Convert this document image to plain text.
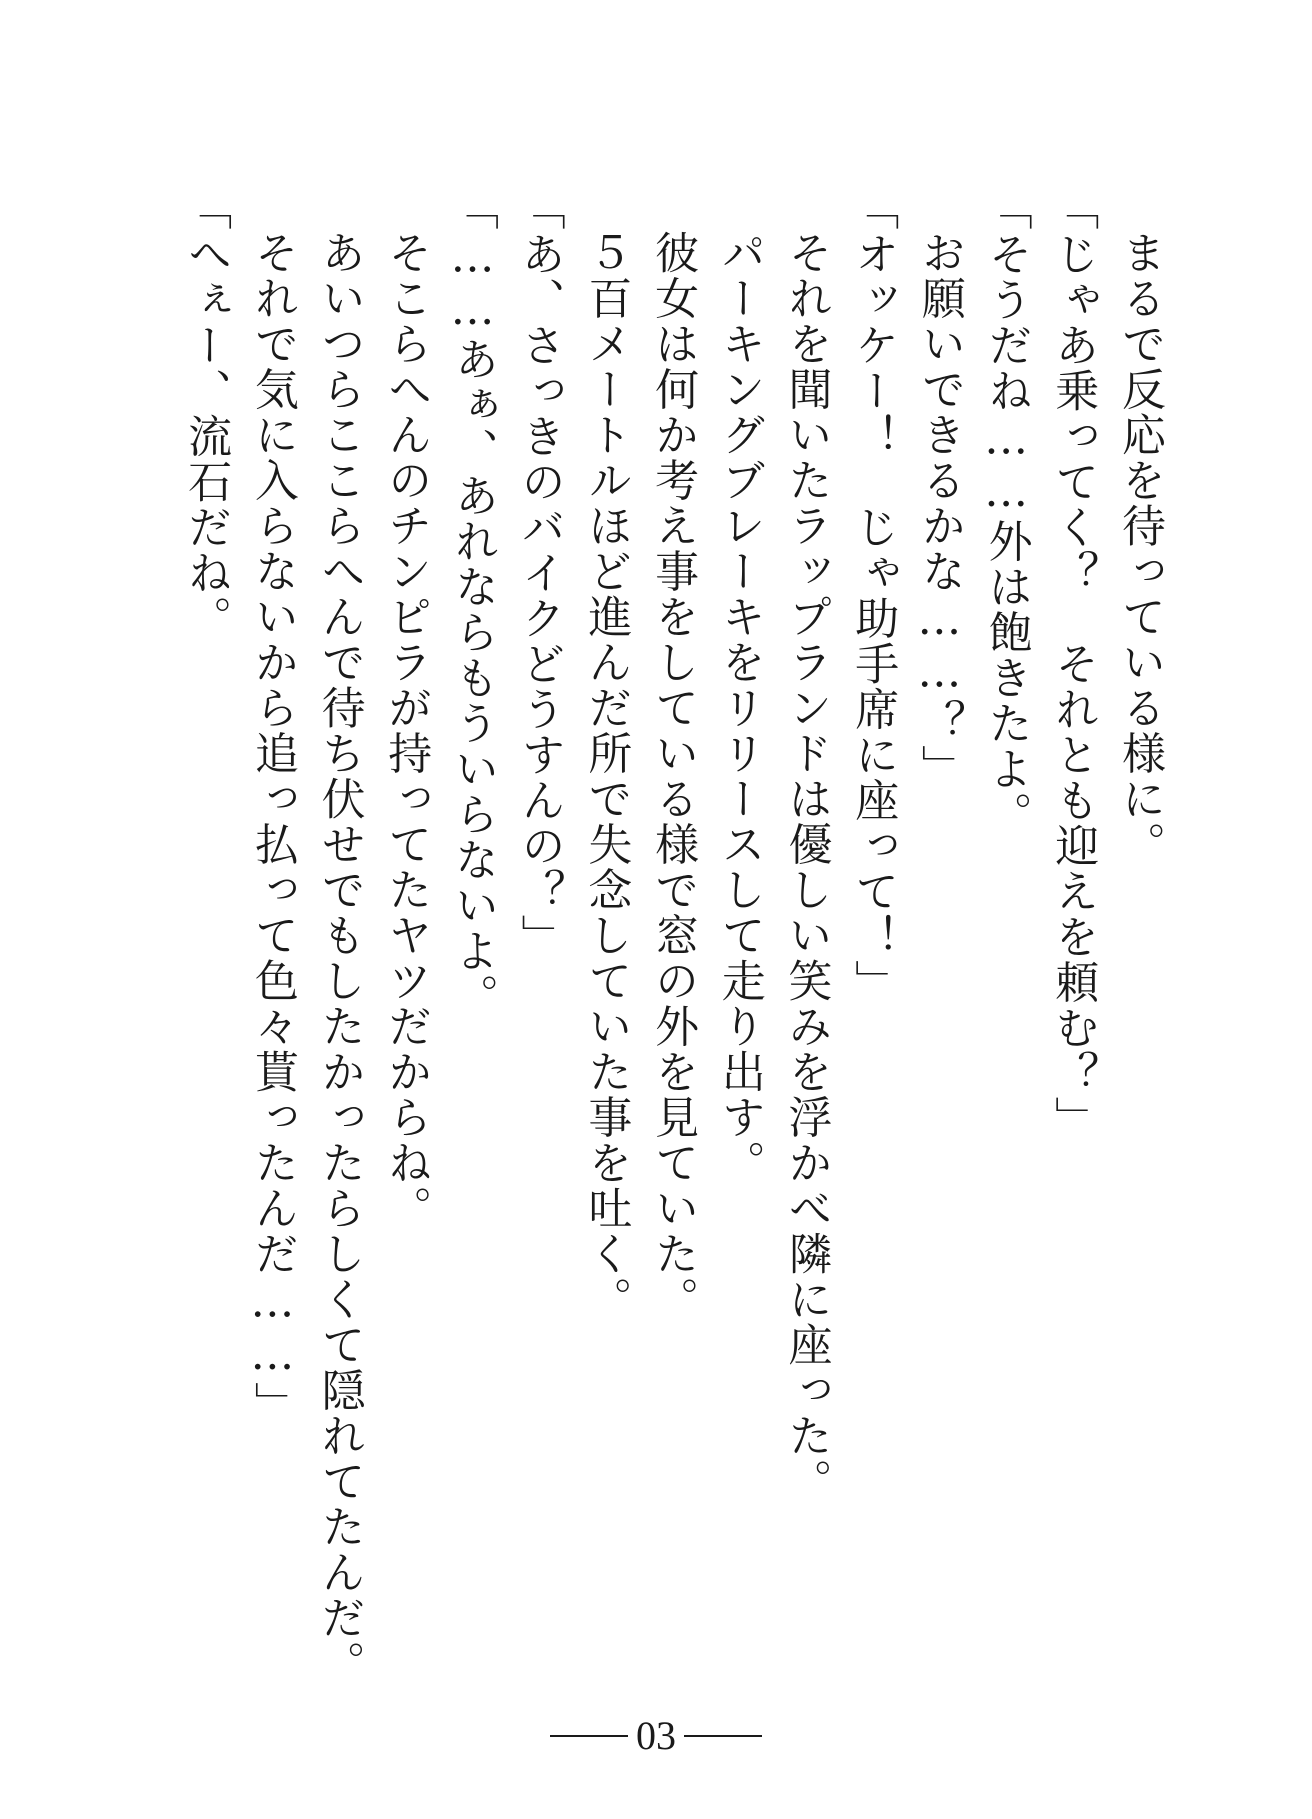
まるで反応を待っている様に。
「じゃあ乗ってく？　それとも迎えを頼む？」
「そうだね……外は飽きたよ。
お願いできるかな……？」
「オッケー！　じゃ助手席に座って！」
それを聞いたラップランドは優しい笑みを浮かべ隣に座った。
パーキングブレーキをリリースして走り出す。
彼女は何か考え事をしている様で窓の外を見ていた。
５百メートルほど進んだ所で失念していた事を吐く。
「あ、さっきのバイクどうすんの？」
「……あぁ、あれならもういらないよ。
そこらへんのチンピラが持ってたヤツだからね。
あいつらここらへんで待ち伏せでもしたかったらしくて隠れてたんだ。
それで気に入らないから追っ払って色々貰ったんだ……」
「へぇー、流石だね。
03
